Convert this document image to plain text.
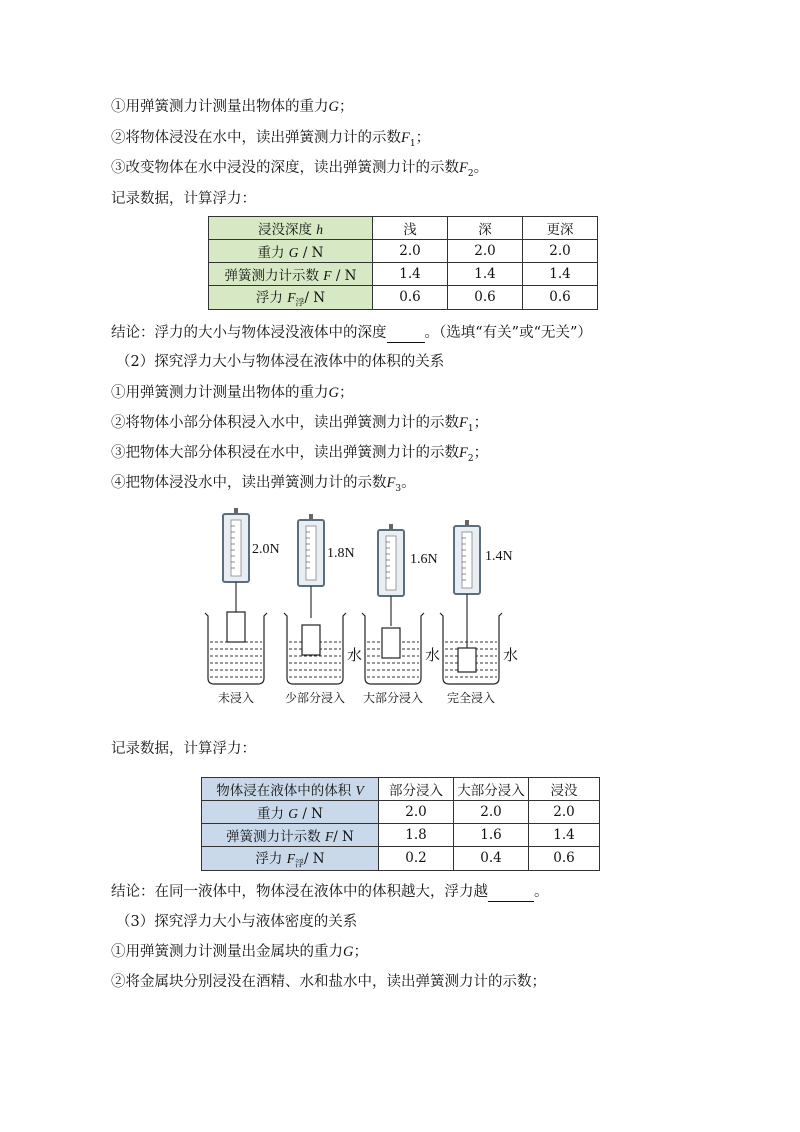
①用弹簧测力计测量出物体的重力G；
②将物体浸没在水中，读出弹簧测力计的示数$F_1$；
③改变物体在水中浸没的深度，读出弹簧测力计的示数$F_2$。
记录数据，计算浮力：
浸没深度 h	浅	深	更深
重力 G / N	2.0	2.0	2.0
弹簧测力计示数 F / N	1.4	1.4	1.4
浮力 $F_浮/$ N	0.6	0.6	0.6
结论：浮力的大小与物体浸没液体中的深度	。（选填“有关”或“无关”）
（2）探究浮力大小与物体浸在液体中的体积的关系
①用弹簧测力计测量出物体的重力G；
②将物体小部分体积浸入水中，读出弹簧测力计的示数$F_1$；
③把物体大部分体积浸在水中，读出弹簧测力计的示数$F_2$；
④把物体浸没水中，读出弹簧测力计的示数$F_3$。
2.0N	1.8N	1.6N	1.4N
水	水	水
未浸入	少部分浸入 大部分浸入 完全浸入
记录数据，计算浮力：
物体浸在液体中的体积 V	部分浸入	大部分浸入	浸没
重力 G / N	2.0	2.0	2.0
弹簧测力计示数 F/ N	1.8	1.6	1.4
浮力 $F_浮/$ N	0.2	0.4	0.6
结论：在同一液体中，物体浸在液体中的体积越大，浮力越	。
（3）探究浮力大小与液体密度的关系
①用弹簧测力计测量出金属块的重力G；
②将金属块分别浸没在酒精、水和盐水中，读出弹簧测力计的示数；
